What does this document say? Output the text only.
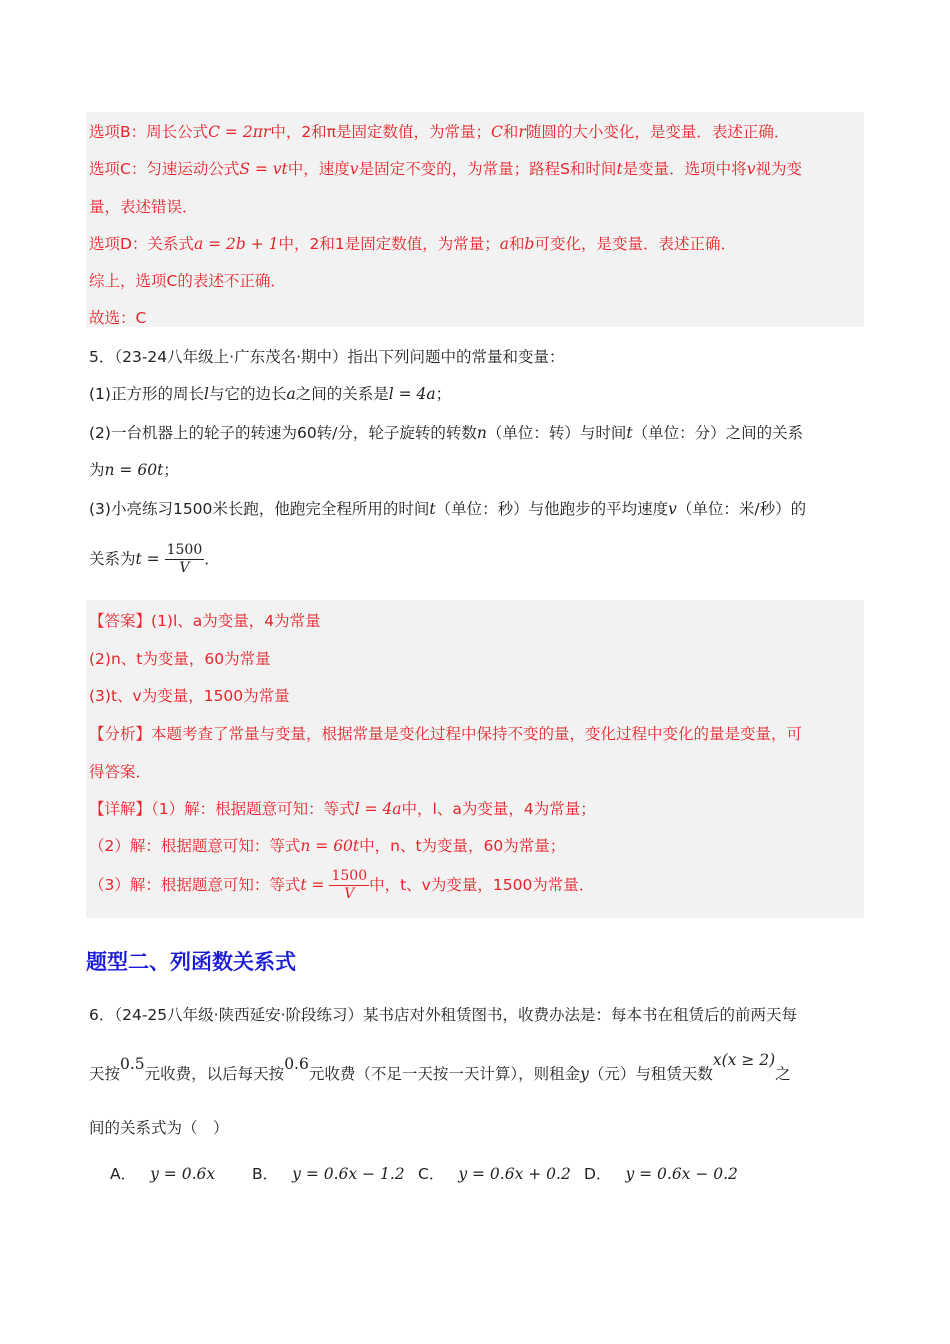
选项B：周长公式C = 2πr中，2和π是固定数值，为常量；C和r随圆的大小变化，是变量．表述正确．
选项C：匀速运动公式S = vt中，速度v是固定不变的，为常量；路程S和时间t是变量．选项中将v视为变
量，表述错误．
选项D：关系式a = 2b + 1中，2和1是固定数值，为常量；a和b可变化，是变量．表述正确．
综上，选项C的表述不正确．
故选：C
5．（23-24八年级上·广东茂名·期中）指出下列问题中的常量和变量：
(1)正方形的周长l与它的边长a之间的关系是l = 4a；
(2)一台机器上的轮子的转速为60转/分，轮子旋转的转数n（单位：转）与时间t（单位：分）之间的关系
为n = 60t；
(3)小亮练习1500米长跑，他跑完全程所用的时间t（单位：秒）与他跑步的平均速度v（单位：米/秒）的
关系为$t = \frac{1500}{V}$ ．
【答案】(1)l、a为变量，4为常量
(2)n、t为变量，60为常量
(3)t、v为变量，1500为常量
【分析】本题考查了常量与变量，根据常量是变化过程中保持不变的量，变化过程中变化的量是变量，可
得答案．
【详解】（1）解：根据题意可知：等式l = 4a中，l、a为变量，4为常量；
（2）解：根据题意可知：等式n = 60t中，n、t为变量，60为常量；
（3）解：根据题意可知：等式$t = \frac{1500}{V}$ 中，t、v为变量，1500为常量．
题型二、列函数关系式
6．（24-25八年级·陕西延安·阶段练习）某书店对外租赁图书，收费办法是：每本书在租赁后的前两天每
天按0.5元收费，以后每天按0.6元收费（不足一天按一天计算），则租金y（元）与租赁天数x(x ≥ 2)之
间的关系式为（　）
A． y = 0.6x B． y = 0.6x − 1.2 C． y = 0.6x + 0.2 D． y = 0.6x − 0.2
